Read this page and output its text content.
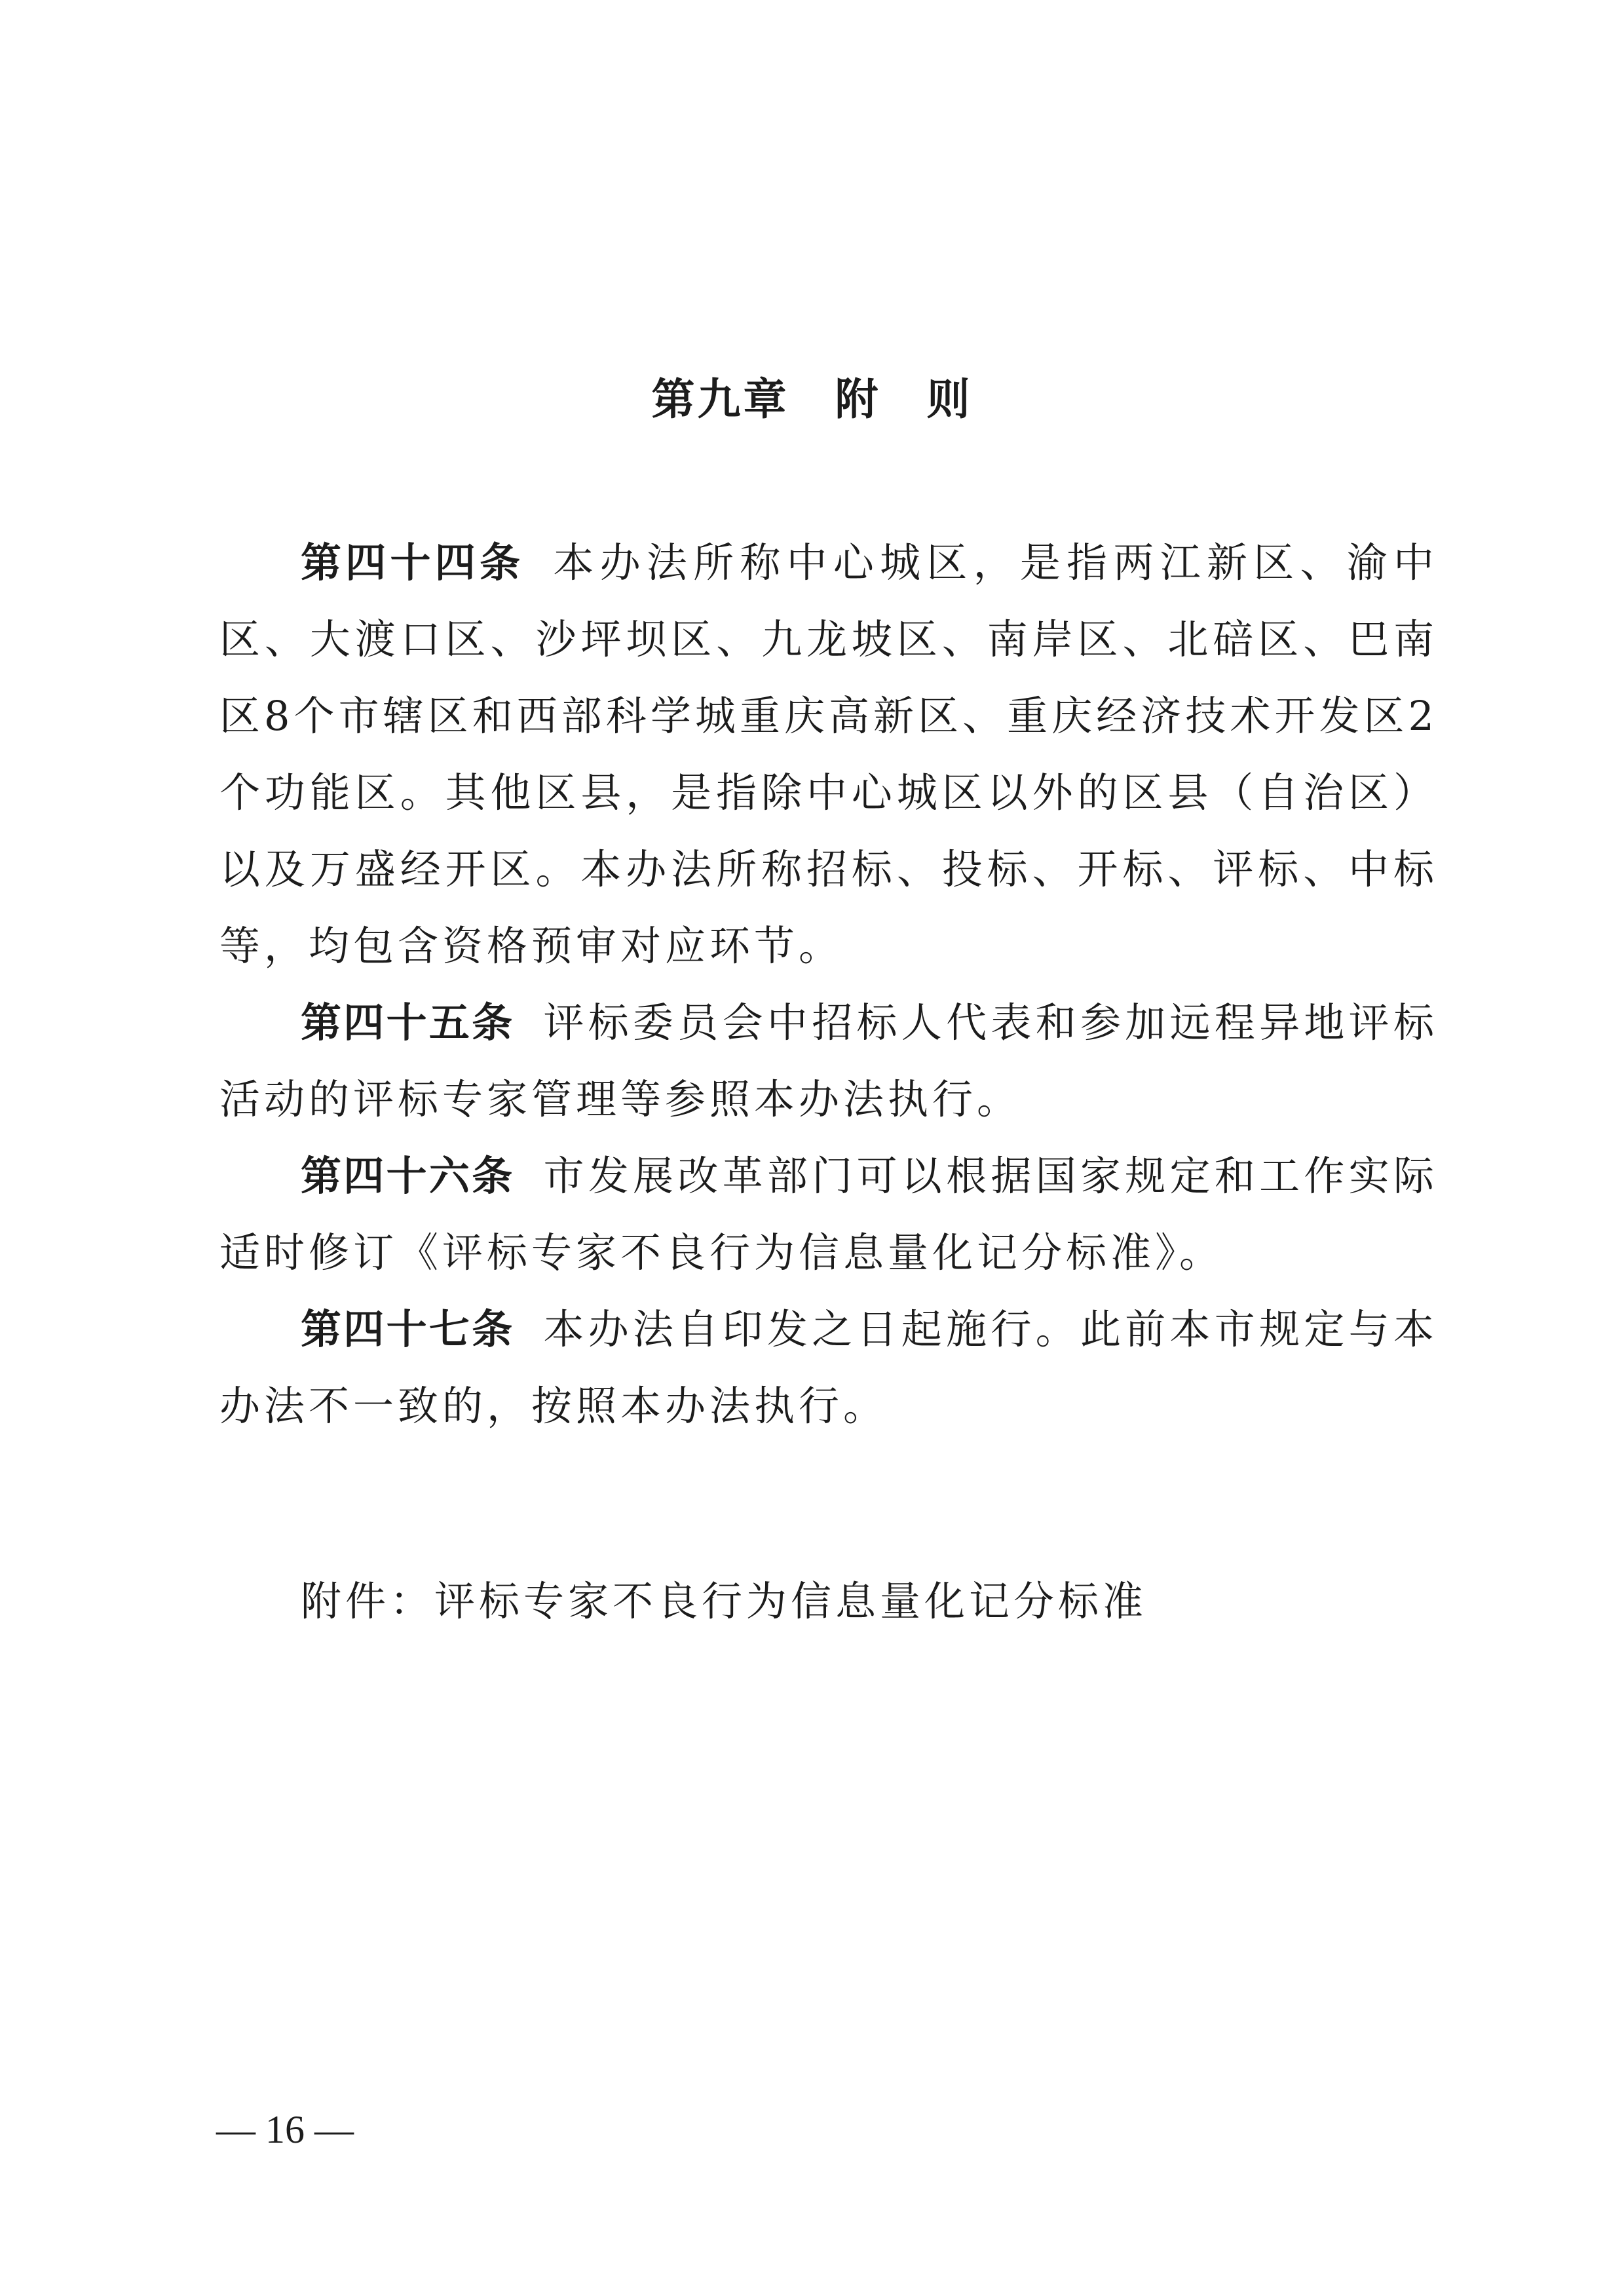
第九章　附　则

第四十四条 本办法所称中心城区，是指两江新区、渝中区、大渡口区、沙坪坝区、九龙坡区、南岸区、北碚区、巴南区8个市辖区和西部科学城重庆高新区、重庆经济技术开发区2个功能区。其他区县，是指除中心城区以外的区县（自治区）以及万盛经开区。本办法所称招标、投标、开标、评标、中标等，均包含资格预审对应环节。

第四十五条 评标委员会中招标人代表和参加远程异地评标活动的评标专家管理等参照本办法执行。

第四十六条 市发展改革部门可以根据国家规定和工作实际适时修订《评标专家不良行为信息量化记分标准》。

第四十七条 本办法自印发之日起施行。此前本市规定与本办法不一致的，按照本办法执行。

附件：评标专家不良行为信息量化记分标准
— 16 —
